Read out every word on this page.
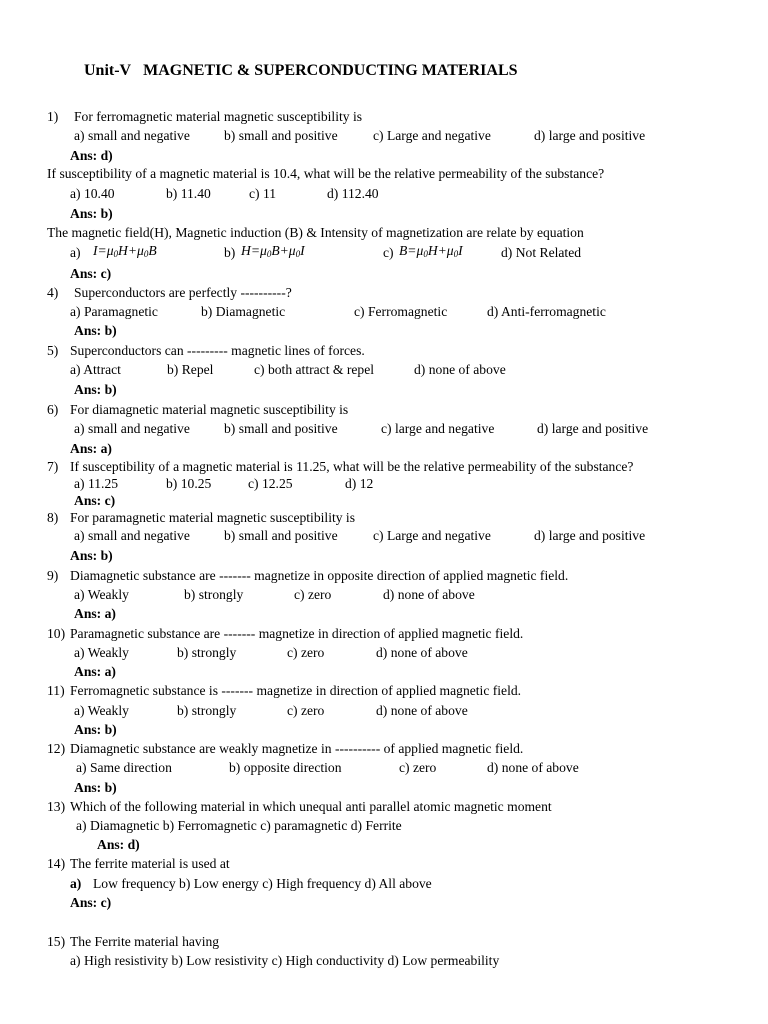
Unit-V MAGNETIC & SUPERCONDUCTING MATERIALS
1) For ferromagnetic material magnetic susceptibility is
a) small and negative	b) small and positive	c) Large and negative	d) large and positive
Ans: d)
If susceptibility of a magnetic material is 10.4, what will be the relative permeability of the substance?
a) 10.40	b) 11.40	c) 11	d) 112.40
Ans: b)
The magnetic field(H), Magnetic induction (B) & Intensity of magnetization are relate by equation
a) $I=\mu_0H+\mu_0B$	b) $H=\mu_0B+\mu_0I$	c) $B=\mu_0H+\mu_0I$	d) Not Related
Ans: c)
4) Superconductors are perfectly ----------?
a) Paramagnetic	b) Diamagnetic	c) Ferromagnetic	d) Anti-ferromagnetic
Ans: b)
5) Superconductors can --------- magnetic lines of forces.
a) Attract	b) Repel	c) both attract & repel	d) none of above
Ans: b)
6) For diamagnetic material magnetic susceptibility is
a) small and negative	b) small and positive	c) large and negative	d) large and positive
Ans: a)
7) If susceptibility of a magnetic material is 11.25, what will be the relative permeability of the substance?
a) 11.25	b) 10.25	c) 12.25	d) 12
Ans: c)
8) For paramagnetic material magnetic susceptibility is
a) small and negative	b) small and positive	c) Large and negative	d) large and positive
Ans: b)
9) Diamagnetic substance are ------- magnetize in opposite direction of applied magnetic field.
a) Weakly	b) strongly	c) zero	d) none of above
Ans: a)
10) Paramagnetic substance are ------- magnetize in direction of applied magnetic field.
a) Weakly	b) strongly	c) zero	d) none of above
Ans: a)
11) Ferromagnetic substance is ------- magnetize in direction of applied magnetic field.
a) Weakly	b) strongly	c) zero	d) none of above
Ans: b)
12) Diamagnetic substance are weakly magnetize in ---------- of applied magnetic field.
a) Same direction	b) opposite direction	c) zero	d) none of above
Ans: b)
13) Which of the following material in which unequal anti parallel atomic magnetic moment
a) Diamagnetic b) Ferromagnetic c) paramagnetic d) Ferrite
Ans: d)
14) The ferrite material is used at
a) Low frequency b) Low energy c) High frequency d) All above
Ans: c)
15) The Ferrite material having
a) High resistivity b) Low resistivity c) High conductivity d) Low permeability
